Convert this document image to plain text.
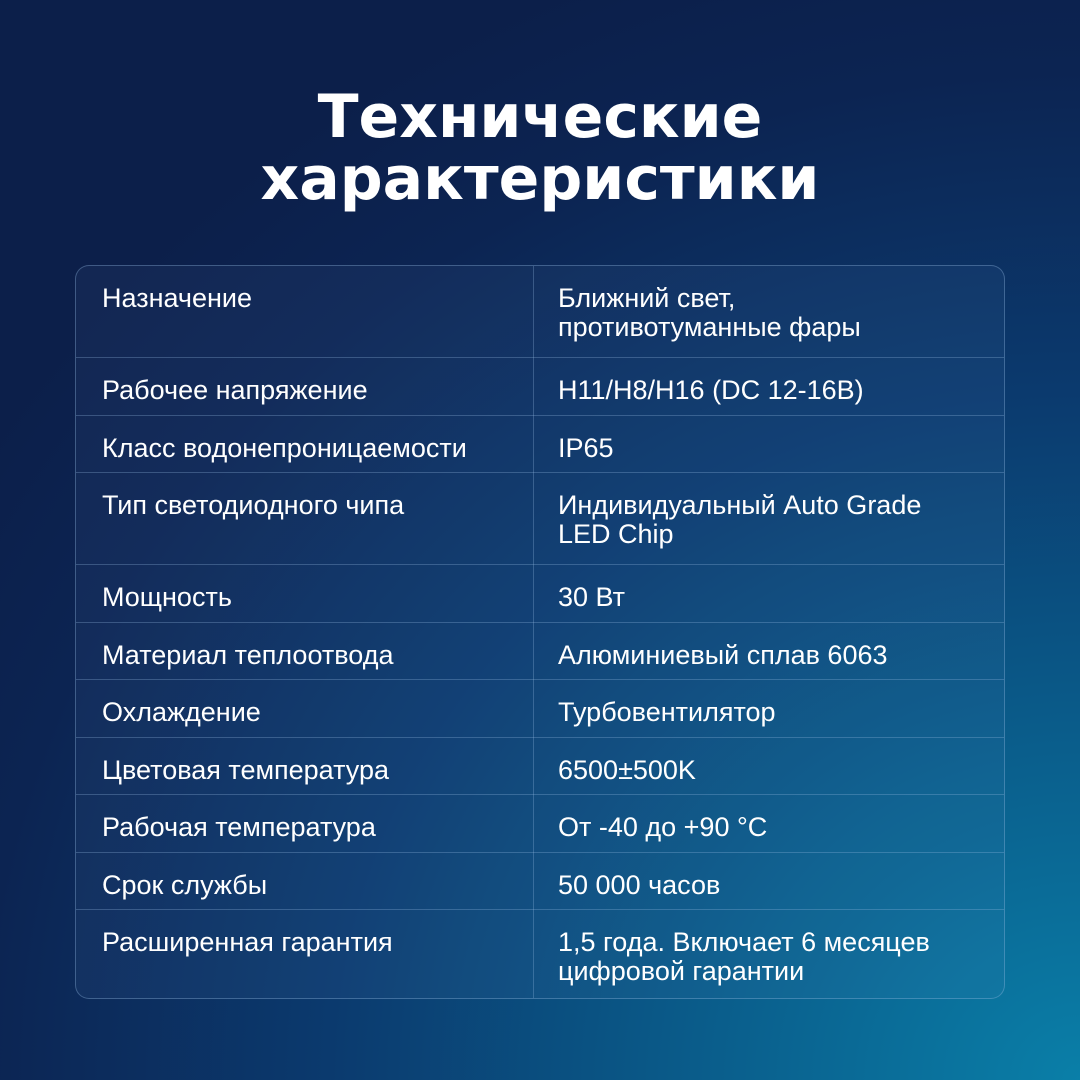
Технические
характеристики
Назначение	Ближний свет,
противотуманные фары
Рабочее напряжение	H11/H8/H16 (DC 12-16В)
Класс водонепроницаемости	IP65
Тип светодиодного чипа	Индивидуальный Auto Grade
LED Chip
Мощность	30 Вт
Материал теплоотвода	Алюминиевый сплав 6063
Охлаждение	Турбовентилятор
Цветовая температура	6500±500K
Рабочая температура	От -40 до +90 °C
Срок службы	50 000 часов
Расширенная гарантия	1,5 года. Включает 6 месяцев
цифровой гарантии
